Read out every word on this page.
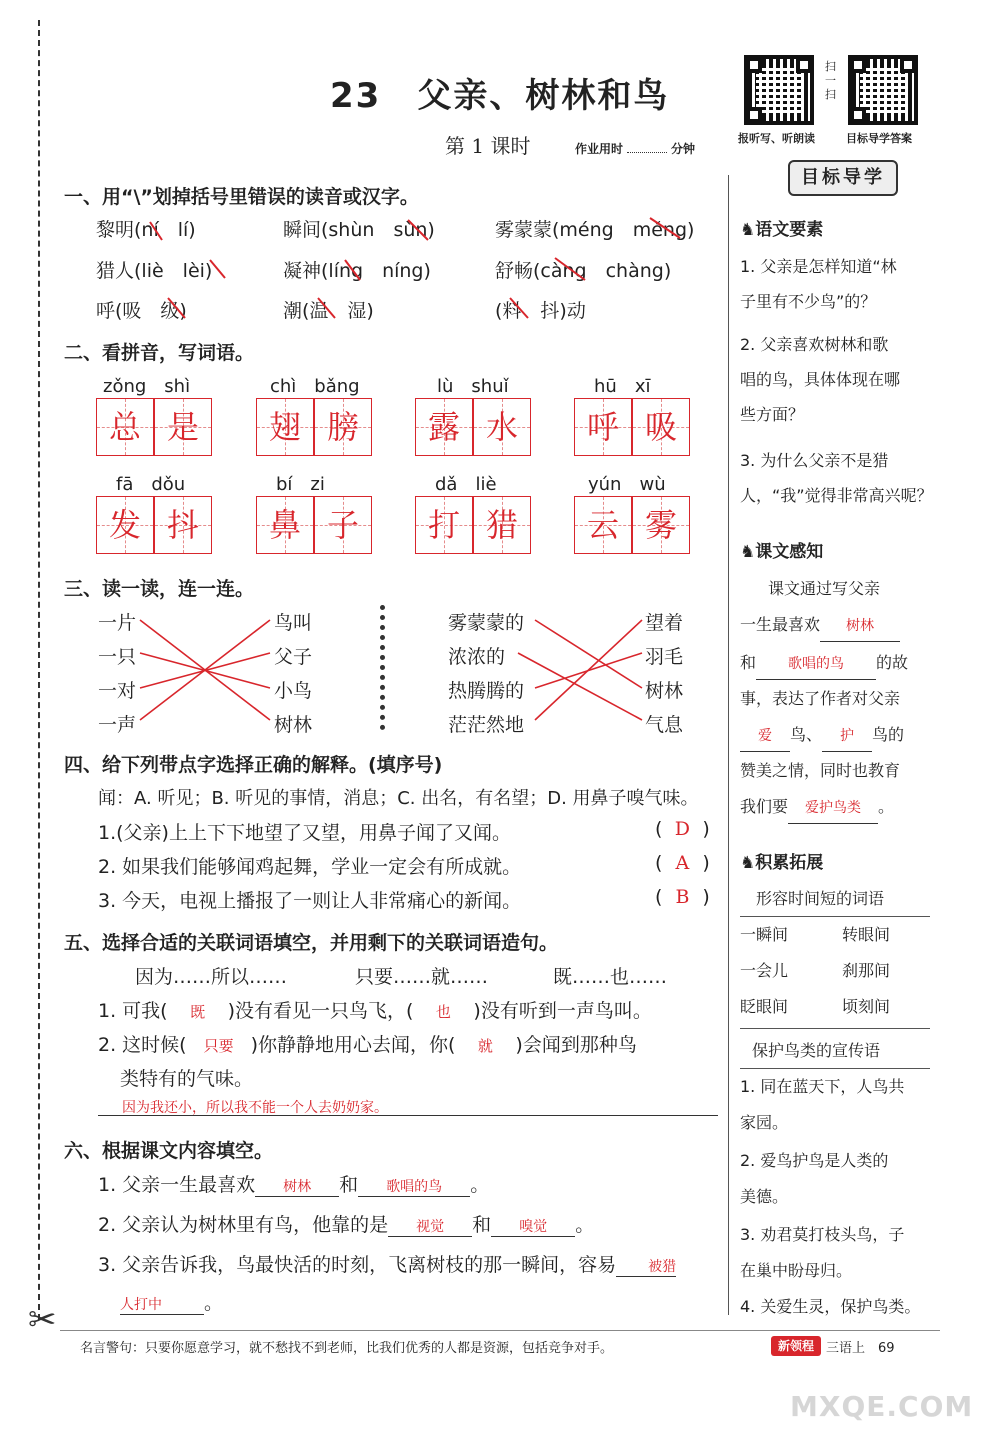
✂
扫一扫
报听写、听朗读	目标导学答案
23　父亲、树林和鸟
第 1 课时	作业用时	分钟
一、用“\”划掉括号里错误的读音或汉字。
黎明(ní　lí)	瞬间(shùn　sùn)	雾蒙蒙(méng　měng)
猎人(liè　lèi)	凝神(líng　níng)	舒畅(càng　chàng)
呼(吸　级)	潮(温　湿)	(料　抖)动
二、看拼音，写词语。
zǒng　shì	chì　bǎng	lù　shuǐ	hū　xī
fā　dǒu	bí　zi	dǎ　liè	yún　wù
总 是	翅 膀	露 水	呼 吸
发 抖	鼻 子	打 猎	云 雾
三、读一读，连一连。
一片
一只
一对
一声
鸟叫
父子
小鸟
树林
雾蒙蒙的
浓浓的
热腾腾的
茫茫然地
望着
羽毛
树林
气息
四、给下列带点字选择正确的解释。(填序号)
闻：A. 听见；B. 听见的事情，消息；C. 出名，有名望；D. 用鼻子嗅气味。
1.(父亲)上上下下地望了又望，用鼻子闻了又闻。
2. 如果我们能够闻鸡起舞，学业一定会有所成就。
3. 今天，电视上播报了一则让人非常痛心的新闻。
( D )
( A )
( B )
五、选择合适的关联词语填空，并用剩下的关联词语造句。
因为……所以……	只要……就……	既……也……
1. 可我( 既 )没有看见一只鸟飞，( 也 )没有听到一声鸟叫。
2. 这时候( 只要 )你静静地用心去闻，你( 就 )会闻到那种鸟
类特有的气味。
因为我还小，所以我不能一个人去奶奶家。
六、根据课文内容填空。
1. 父亲一生最喜欢 树林 和 歌唱的鸟 。
2. 父亲认为树林里有鸟，他靠的是 视觉 和 嗅觉 。
3. 父亲告诉我，鸟最快活的时刻，飞离树枝的那一瞬间，容易 被猎
人打中 。
目标导学
♞语文要素
1. 父亲是怎样知道“林
子里有不少鸟”的？
2. 父亲喜欢树林和歌
唱的鸟，具体体现在哪
些方面？
3. 为什么父亲不是猎
人，“我”觉得非常高兴呢？
♞课文感知
课文通过写父亲
一生最喜欢 树林
和 歌唱的鸟 的故
事，表达了作者对父亲
爱 鸟、 护 鸟的
赞美之情，同时也教育
我们要 爱护鸟类 。
♞积累拓展
形容时间短的词语
一瞬间	转眼间
一会儿	刹那间
眨眼间	顷刻间
保护鸟类的宣传语
1. 同在蓝天下，人鸟共
家园。
2. 爱鸟护鸟是人类的
美德。
3. 劝君莫打枝头鸟，子
在巢中盼母归。
4. 关爱生灵，保护鸟类。
名言警句：只要你愿意学习，就不愁找不到老师，比我们优秀的人都是资源，包括竞争对手。	新领程 三语上　69
MXQE.COM
